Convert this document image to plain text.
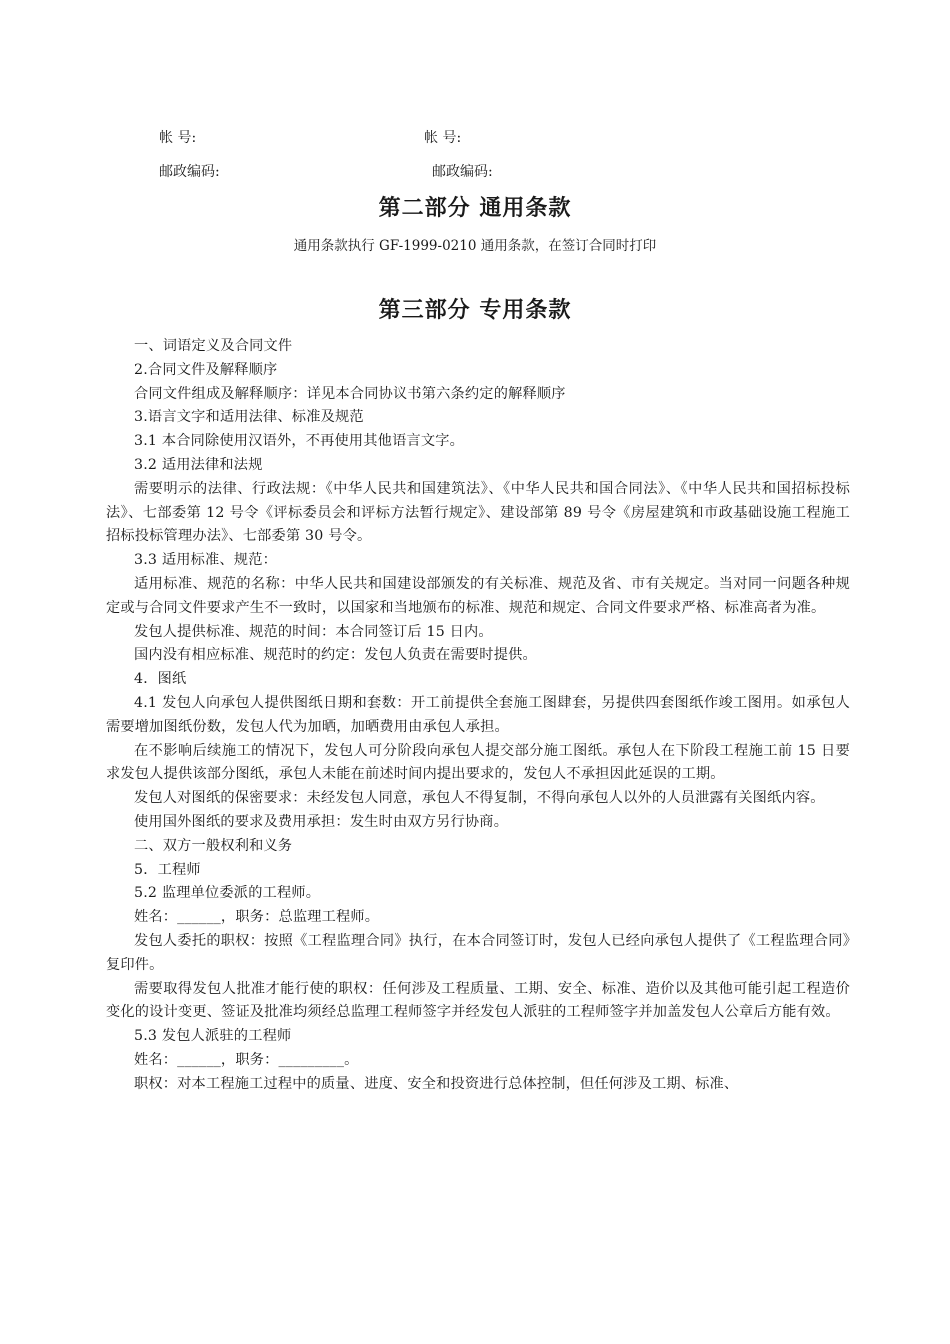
帐 号:	帐 号:
邮政编码:	邮政编码:
第二部分 通用条款
通用条款执行 GF-1999-0210 通用条款，在签订合同时打印
第三部分 专用条款

一、词语定义及合同文件

2.合同文件及解释顺序

合同文件组成及解释顺序：详见本合同协议书第六条约定的解释顺序

3.语言文字和适用法律、标准及规范

3.1 本合同除使用汉语外，不再使用其他语言文字。

3.2 适用法律和法规

需要明示的法律、行政法规：《中华人民共和国建筑法》、《中华人民共和国合同法》、《中华人民共和国招标投标法》、七部委第 12 号令《评标委员会和评标方法暂行规定》、建设部第 89 号令《房屋建筑和市政基础设施工程施工招标投标管理办法》、七部委第 30 号令。

3.3 适用标准、规范：

适用标准、规范的名称：中华人民共和国建设部颁发的有关标准、规范及省、市有关规定。当对同一问题各种规定或与合同文件要求产生不一致时，以国家和当地颁布的标准、规范和规定、合同文件要求严格、标准高者为准。

发包人提供标准、规范的时间：本合同签订后 15 日内。

国内没有相应标准、规范时的约定：发包人负责在需要时提供。

4．图纸

4.1 发包人向承包人提供图纸日期和套数：开工前提供全套施工图肆套，另提供四套图纸作竣工图用。如承包人需要增加图纸份数，发包人代为加晒，加晒费用由承包人承担。

在不影响后续施工的情况下，发包人可分阶段向承包人提交部分施工图纸。承包人在下阶段工程施工前 15 日要求发包人提供该部分图纸，承包人未能在前述时间内提出要求的，发包人不承担因此延误的工期。

发包人对图纸的保密要求：未经发包人同意，承包人不得复制，不得向承包人以外的人员泄露有关图纸内容。

使用国外图纸的要求及费用承担：发生时由双方另行协商。

二、双方一般权利和义务

5．工程师

5.2 监理单位委派的工程师。

姓名：______，职务：总监理工程师。

发包人委托的职权：按照《工程监理合同》执行，在本合同签订时，发包人已经向承包人提供了《工程监理合同》复印件。

需要取得发包人批准才能行使的职权：任何涉及工程质量、工期、安全、标准、造价以及其他可能引起工程造价变化的设计变更、签证及批准均须经总监理工程师签字并经发包人派驻的工程师签字并加盖发包人公章后方能有效。

5.3 发包人派驻的工程师

姓名：______，职务：_________。

职权：对本工程施工过程中的质量、进度、安全和投资进行总体控制，但任何涉及工期、标准、
